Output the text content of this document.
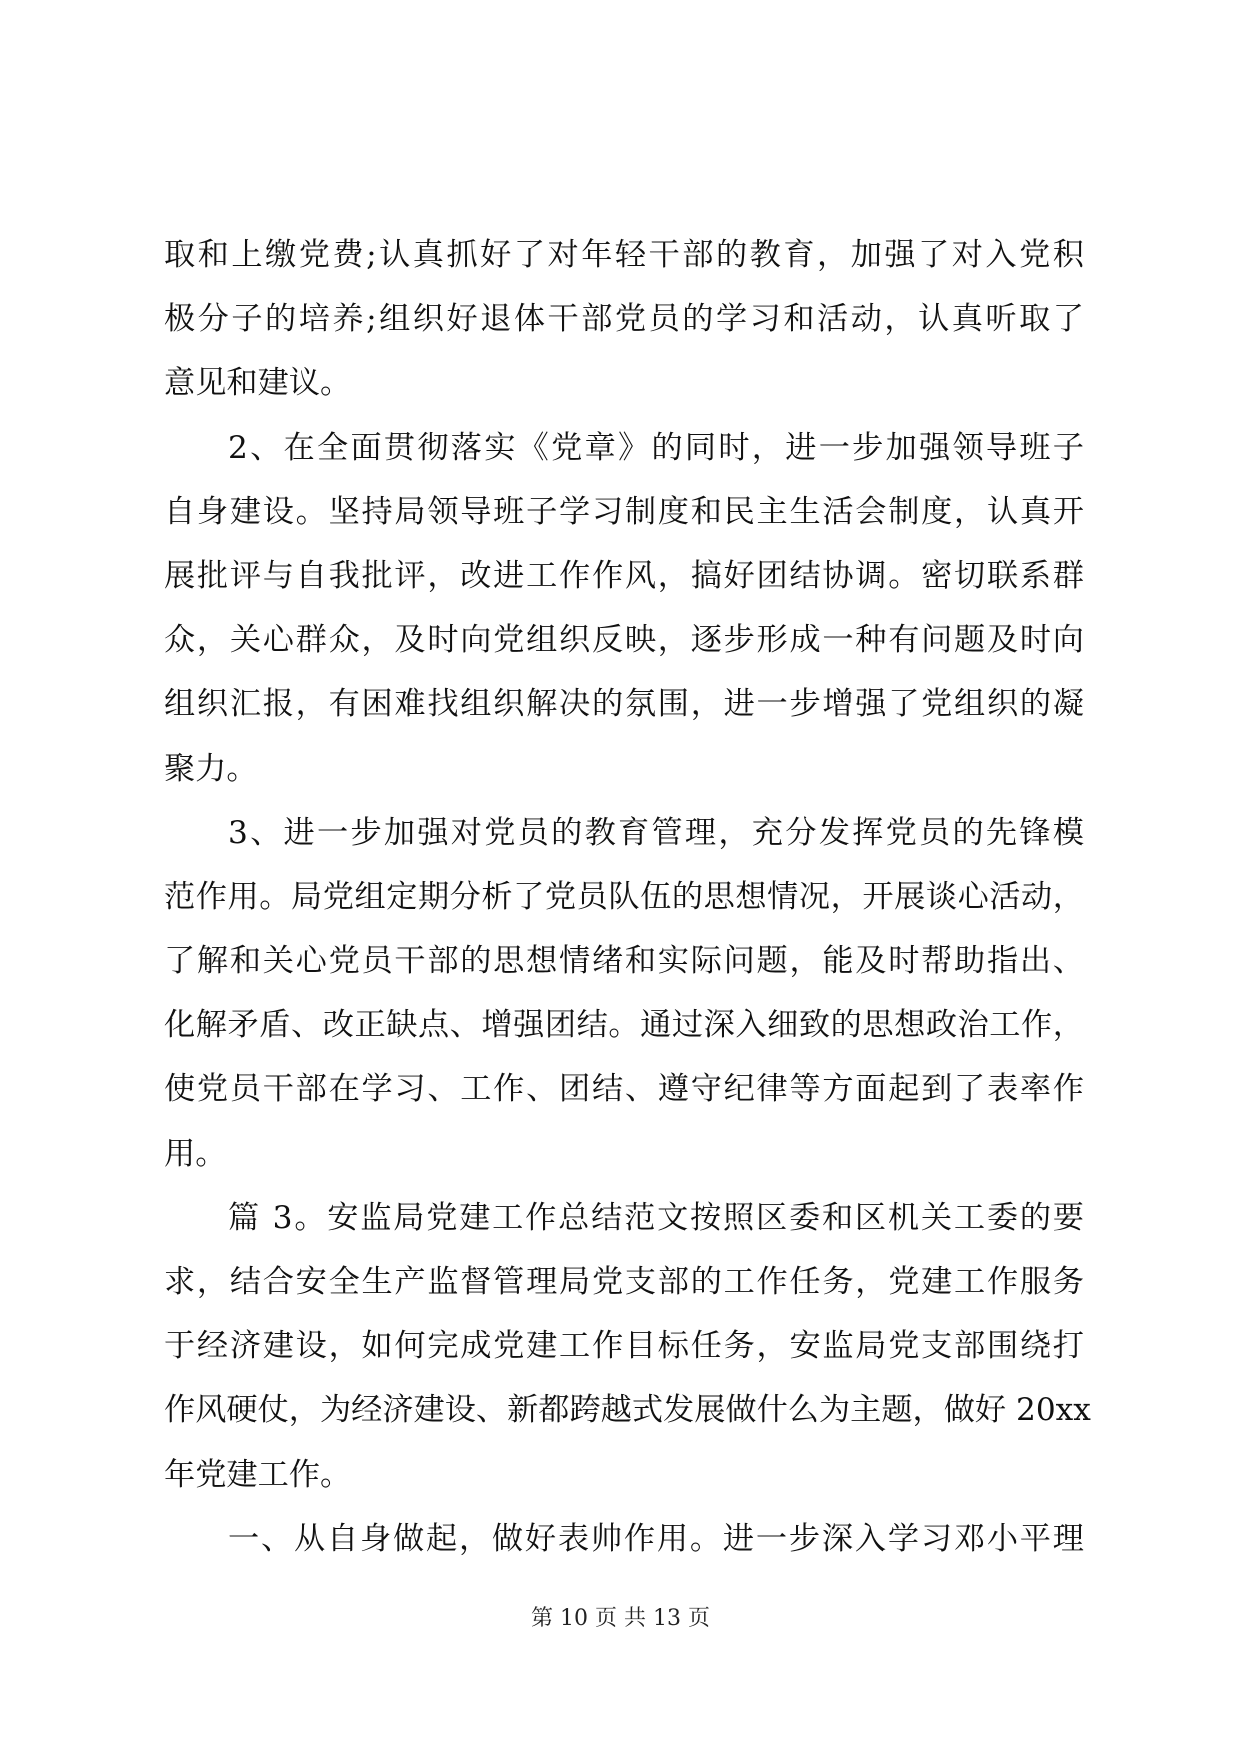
取和上缴党费;认真抓好了对年轻干部的教育，加强了对入党积
极分子的培养;组织好退体干部党员的学习和活动，认真听取了
意见和建议。
2、在全面贯彻落实《党章》的同时，进一步加强领导班子
自身建设。坚持局领导班子学习制度和民主生活会制度，认真开
展批评与自我批评，改进工作作风，搞好团结协调。密切联系群
众，关心群众，及时向党组织反映，逐步形成一种有问题及时向
组织汇报，有困难找组织解决的氛围，进一步增强了党组织的凝
聚力。
3、进一步加强对党员的教育管理，充分发挥党员的先锋模
范作用。局党组定期分析了党员队伍的思想情况，开展谈心活动，
了解和关心党员干部的思想情绪和实际问题，能及时帮助指出、
化解矛盾、改正缺点、增强团结。通过深入细致的思想政治工作，
使党员干部在学习、工作、团结、遵守纪律等方面起到了表率作
用。
篇 3。安监局党建工作总结范文按照区委和区机关工委的要
求，结合安全生产监督管理局党支部的工作任务，党建工作服务
于经济建设，如何完成党建工作目标任务，安监局党支部围绕打
作风硬仗，为经济建设、新都跨越式发展做什么为主题，做好 20xx
年党建工作。
一、从自身做起，做好表帅作用。进一步深入学习邓小平理
第 10 页 共 13 页
